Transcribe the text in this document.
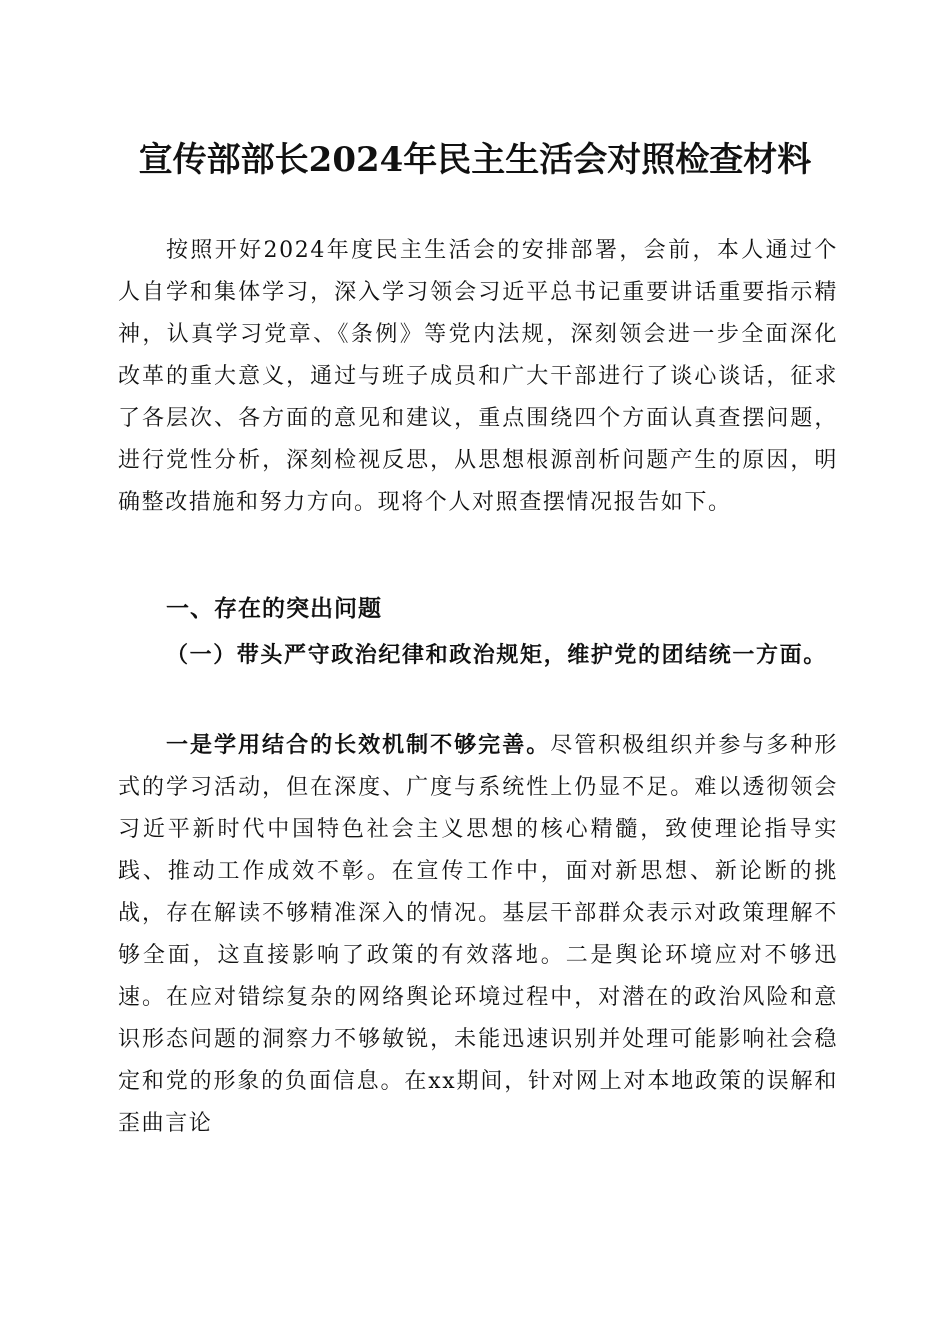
宣传部部长2024年民主生活会对照检查材料

按照开好2024年度民主生活会的安排部署，会前，本人通过个人自学和集体学习，深入学习领会习近平总书记重要讲话重要指示精神，认真学习党章、《条例》等党内法规，深刻领会进一步全面深化改革的重大意义，通过与班子成员和广大干部进行了谈心谈话，征求了各层次、各方面的意见和建议，重点围绕四个方面认真查摆问题，进行党性分析，深刻检视反思，从思想根源剖析问题产生的原因，明确整改措施和努力方向。现将个人对照查摆情况报告如下。

一、存在的突出问题

（一）带头严守政治纪律和政治规矩，维护党的团结统一方面。

一是学用结合的长效机制不够完善。尽管积极组织并参与多种形式的学习活动，但在深度、广度与系统性上仍显不足。难以透彻领会习近平新时代中国特色社会主义思想的核心精髓，致使理论指导实践、推动工作成效不彰。在宣传工作中，面对新思想、新论断的挑战，存在解读不够精准深入的情况。基层干部群众表示对政策理解不够全面，这直接影响了政策的有效落地。二是舆论环境应对不够迅速。在应对错综复杂的网络舆论环境过程中，对潜在的政治风险和意识形态问题的洞察力不够敏锐，未能迅速识别并处理可能影响社会稳定和党的形象的负面信息。在xx期间，针对网上对本地政策的误解和歪曲言论
